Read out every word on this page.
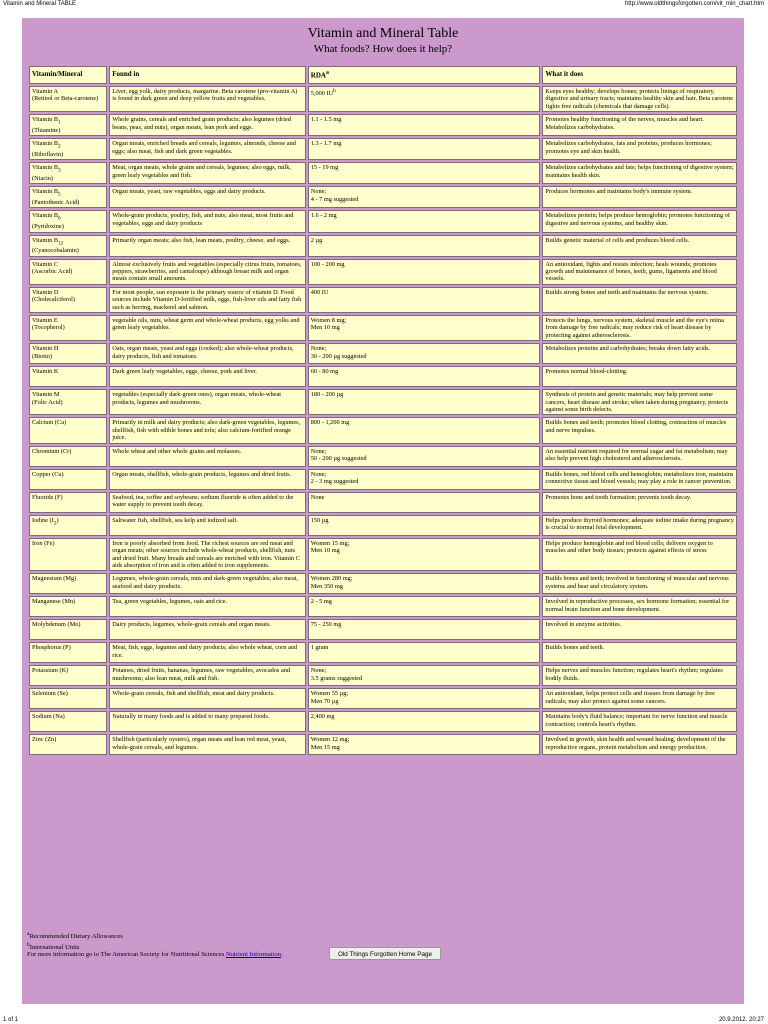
Vitamin and Mineral TABLE	http://www.oldthingsforgotten.com/vit_min_chart.htm
Vitamin and Mineral Table
What foods? How does it help?
Vitamin/Mineral	Found in	RDA$^a$	What it does
Vitamin A
(Retinol or Beta-carotene)	Liver, egg yolk, dairy products, margarine. Beta carotene (pro-vitamin A) is found in dark green and deep yellow fruits and vegetables.	5,000 $IU^b$	Keeps eyes healthy; develops bones; protects linings of respiratory, digestive and urinary tracts; maintains healthy skin and hair. Beta carotene fights free radicals (chemicals that damage cells).
Vitamin $B_1$
(Thiamine)	Whole grains, cereals and enriched grain products; also legumes (dried beans, peas, and nuts), organ meats, lean pork and eggs.	1.1 - 1.5 mg	Promotes healthy functioning of the nerves, muscles and heart. Metabolizes carbohydrates.
Vitamin $B_2$
(Riboflavin)	Organ meats, enriched breads and cereals, legumes, almonds, cheese and eggs; also meat, fish and dark green vegetables.	1.3 - 1.7 mg	Metabolizes carbohydrates, fats and proteins, produces hormones; promotes eye and skin health.
Vitamin $B_3$
(Niacin)	Meat, organ meats, whole grains and cereals, legumes; also eggs, milk, green leafy vegetables and fish.	15 - 19 mg	Metabolizes carbohydrates and fats; helps functioning of digestive system; maintains health skin.
Vitamin $B_5$
(Pantothenic Acid)	Organ meats, yeast, raw vegetables, eggs and dairy products.	None;
4 - 7 mg suggested	Produces hormones and maintains body's immune system.
Vitamin $B_6$
(Pyridoxine)	Whole-grain products, poultry, fish, and nuts; also meat, most fruits and vegetables, eggs and dairy products	1.6 - 2 mg	Metabolizes protein; helps produce hemoglobin; promotes functioning of digestive and nervous systems, and healthy skin.
Vitamin $B_{12}$
(Cyanocobalamin)	Primarily organ meats; also fish, lean meats, poultry, cheese, and eggs.	2 µg	Builds genetic material of cells and produces blood cells.
Vitamin C
(Ascorbic Acid)	Almost exclusively fruits and vegetables (especially citrus fruits, tomatoes, peppers, strawberries, and cantaloupe) although breast milk and organ meats contain small amounts.	100 - 200 mg	An antioxidant, fights and resists infection; heals wounds; promotes growth and maintenance of bones, teeth, gums, ligaments and blood vessels.
Vitamin D
(Cholecalciferol)	For most people, sun exposure is the primary source of vitamin D. Food sources include Vitamin D-fortified milk, eggs, fish-liver oils and fatty fish such as herring, mackerel and salmon.	400 IU	Builds strong bones and teeth and maintains the nervous system.
Vitamin E
(Tocopherol)	vegetable oils, nuts, wheat germ and whole-wheat products, egg yolks and green leafy vegetables.	Women 8 mg;
Men 10 mg	Protects the lungs, nervous system, skeletal muscle and the eye's retina from damage by free radicals; may reduce risk of heart disease by protecting against atherosclerosis.
Vitamin H
(Biotin)	Oats, organ meats, yeast and eggs (cooked); also whole-wheat products, dairy products, fish and tomatoes.	None;
30 - 200 µg suggested	Metabolizes proteins and carbohydrates; breaks down fatty acids.
Vitamin K	Dark green leafy vegetables, eggs, cheese, pork and liver.	60 - 80 mg	Promotes normal blood-clotting.
Vitamin M
(Folic Acid)	vegetables (especially dark-green ones), organ meats, whole-wheat products, legumes and mushrooms.	180 - 200 µg	Synthesis of protein and genetic materials; may help prevent some cancers, heart disease and stroke; when taken during pregnancy, protects against some birth defects.
Calcium (Ca)	Primarily in milk and dairy products; also dark-green vegetables, legumes, shellfish, fish with edible bones and tofu; also calcium-fortified orange juice.	800 - 1,200 mg	Builds bones and teeth; promotes blood clotting, contraction of muscles and nerve impulses.
Chromium (Cr)	Whole wheat and other whole grains and molasses.	None;
50 - 200 µg suggested	An essential nutrient required for normal sugar and fat metabolism; may also help prevent high cholesterol and atherosclerosis.
Copper (Cu)	Organ meats, shellfish, whole-grain products, legumes and dried fruits.	None;
2 - 3 mg suggested	Builds bones, red blood cells and hemoglobin; metabolizes iron, maintains connective tissue and blood vessels; may play a role in cancer prevention.
Fluoride (F)	Seafood, tea, coffee and soybeans; sodium fluoride is often added to the water supply to prevent tooth decay.	None	Promotes bone and tooth formation; prevents tooth decay.
Iodine $(I_2)$	Saltwater fish, shellfish, sea kelp and iodized salt.	150 µg	Helps produce thyroid hormones; adequate iodine intake during pregnancy is crucial to normal fetal development.
Iron (Fe)	Iron is poorly absorbed from food. The richest sources are red meat and organ meats; other sources include whole-wheat products, shellfish, nuts and dried fruit. Many breads and cereals are enriched with iron. Vitamin C aids absorption of iron and is often added to iron supplements.	Women 15 mg;
Men 10 mg	Helps produce hemoglobin and red blood cells; delivers oxygen to muscles and other body tissues; protects against effects of stress
Magnesium (Mg)	Legumes, whole-grain cereals, nuts and dark-green vegetables; also meat, seafood and dairy products.	Women 280 mg;
Men 350 mg	Builds bones and teeth; involved in functioning of muscular and nervous systems and hear and circulatory system.
Manganese (Mn)	Tea, green vegetables, legumes, oats and rice.	2 - 5 mg	Involved in reproductive processes, sex hormone formation; essential for normal brain function and bone development.
Molybdenum (Mo)	Dairy products, legumes, whole-grain cereals and organ meats.	75 - 250 mg	Involved in enzyme activities.
Phosphorus (P)	Meat, fish, eggs, legumes and dairy products; also whole wheat, corn and rice.	1 gram	Builds bones and teeth.
Potassium (K)	Potatoes, dried fruits, bananas, legumes, raw vegetables, avocados and mushrooms; also lean meat, milk and fish.	None;
3.5 grams suggested	Helps nerves and muscles function; regulates heart's rhythm; regulates bodily fluids.
Selenium (Se)	Whole-grain cereals, fish and shellfish, meat and dairy products.	Women 55 µg;
Men 70 µg	An antioxidant, helps protect cells and tissues from damage by free radicals; may also protect against some cancers.
Sodium (Na)	Naturally in many foods and is added to many prepared foods.	2,400 mg	Maintains body's fluid balance; important for nerve function and muscle contraction; controls heart's rhythm.
Zinc (Zn)	Shellfish (particularly oysters), organ meats and lean red meat, yeast, whole-grain cereals, and legumes.	Women 12 mg;
Men 15 mg	Involved in growth, skin health and wound healing, development of the reproductive organs, protein metabolism and energy production.
$^a$Recommended Dietary Allowances
$^b$International Units
For more information go to The American Society for Nutritional Sciences Nutrient Information.	Old Things Forgotten Home Page
1 of 1	20.9.2012. 20:27
